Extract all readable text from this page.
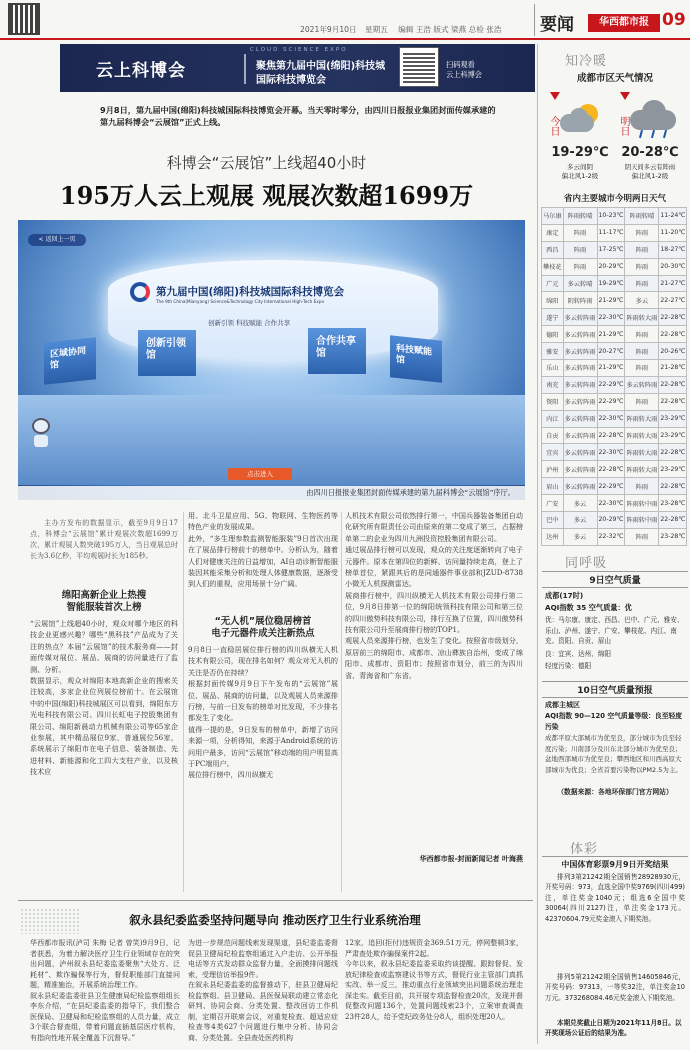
2021年9月10日 星期五 编辑 王浩 版式 梁燕 总检 张浩 要闻	华西都市报 09
云上科博会
CLOUD SCIENCE EXPO
聚焦第九届中国(绵阳)科技城
国际科技博览会
扫码观看
云上科博会
9月8日，第九届中国(绵阳)科技城国际科技博览会开幕。当天零时零分，由四川日报报业集团封面传媒承建的第九届科博会“云展馆”正式上线。
科博会“云展馆”上线超40小时
195万人云上观展 观展次数超1699万
< 返回上一页
第九届中国(绵阳)科技城国际科技博览会
The 9th China(Mianyang) Science&Technology City International High-Tech Expo
创新引领 科技赋能 合作共享
区域协同馆
创新引领馆
合作共享馆	科技赋能馆
点击进入
由四川日报报业集团封面传媒承建的第九届科博会“云展馆”序厅。
主办方发布的数据显示，截至9月9日17点，科博会“云展馆”累计观展次数超1699万次，累计观展人数突破195万人，当日观展总时长为3.6亿秒，平均观展时长为185秒。
绵阳高新企业上热搜
智能服装首次上榜
“云展馆”上线超40小时，观众对哪个地区的科技企业更感兴趣？哪些“黑科技”产品成为了关注的热点？本届“云展馆”的技术服务商——封面传媒对展位、展品、展商的访问量进行了监测、分析。
数据显示，观众对绵阳本地高新企业的搜索关注较高，多家企业位列展位榜前十。在云展馆中的中国(绵阳)科技城展区可以看到，绵阳东方光电科技有限公司、四川长虹电子控股集团有限公司、绵阳新晨动力机械有限公司等65家企业参展，其中精品展位9家，普通展位56家，系统展示了绵阳市在电子信息、装备制造、先进材料、新能源和化工四大支柱产业，以及核技术应
用、北斗卫星应用、5G、物联网、生物医药等特色产业的发展成果。
此外，“多生理参数监测智能服装”9日首次出现在了展品排行榜前十的榜单中。分析认为，随着人们对健康关注的日益增加，AI自动诊断智能服装因其能采集分析和处理人体健康数据，逐渐受到人们的重视，应用场景十分广阔。
“无人机”展位稳居榜首
电子元器件成关注新热点
9月8日一直稳居展位排行榜的四川纵横无人机技术有限公司，现在排名如何？观众对无人机的关注是否仍在持续？
根据封面传媒9月9日下午发布的“云展馆”展位、展品、展商的访问量，以及观展人员来源排行榜，与前一日发布的榜单对比发现，不少排名都发生了变化。
值得一提的是，9日发布的榜单中，新增了访问来源一项，分析得知，来源于Android系统的访问用户最多，访问“云展馆”移动端的用户明显高于PC端用户。
展位排行榜中，四川纵横无
人机技术有限公司依然排行第一，中国兵器装备集团自动化研究所有限责任公司由原来的第二变成了第三，占据榜单第二的企业为四川九洲投资控股集团有限公司。
通过展品排行榜可以发现，观众的关注度逐渐转向了电子元器件。原本在第四位的新鲜、访问量持续走高，登上了榜单首位，紧跟其后的是同通器件事业部和JZUD-8738小微无人机探测雷达。
展商排行榜中，四川纵横无人机技术有限公司排行第二位，9月8日排第一位的绵阳统领科技有限公司和第三位的四川傲势科技有限公司，排行互换了位置，四川傲势科技有限公司升至展商排行榜的TOP1。
观展人员来源排行榜，也发生了变化。按照省市级划分，原居前三的绵阳市、成都市、凉山彝族自治州，变成了绵阳市、成都市、资阳市；按照省市划分，前三的为四川省、青海省和广东省。
华西都市报-封面新闻记者 叶海燕
叙永县纪委监委坚持问题导向 推动医疗卫生行业系统治理
华西都市报讯(泸司 朱梅 记者 曾笑)9月9日，记者获悉，为着力解决医疗卫生行业领域存在的突出问题，泸州叙永县纪委监委聚焦“大处方、泛耗材”、欺诈骗保等行为，督促职能部门直接问题，精准施治，开展系统治理工作。
叙永县纪委监委驻县卫生健康局纪检监察组组长李东介绍，“在县纪委监委的指导下，我们整合医保局、卫健局和纪检监察组的人员力量，成立3个联合督查组，带着问题直插基层医疗机构，有指向性地开展全覆盖下沉督导。”
为进一步规范问题线索发现渠道，县纪委监委督促县卫健局纪检监察组通过入户走访、公开举报电话等方式发动群众监督力量，全面摸排问题线索，受理信访举报9件。
在叙永县纪委监委的监督推动下，驻县卫健局纪检监察组、县卫健局、县医保局联动建立常态化研判、协同会商、分类处置、整改回访工作机制，定期召开联席会议，对重复检查、超适应症检查等4类627个问题进行集中分析、协同会商、分类处置。全县查处医药机构
12家，追回(拒付)违规资金369.51万元，停网整顿3家，严肃查处欺诈骗保案件2起。
今年以来，叙永县纪委监委采取约谈提醒、跟踪督促、发放纪律检查或监察建议书等方式，督促行业主管部门真抓实改、举一反三，推动重点行业领域突出问题系统治理走深走实。截至目前，共开展专项监督检查20次，发现并督促整改问题136个，处置问题线索23个，立案审查调查23件28人，给予党纪政务处分8人，组织处理20人。
知冷暖
成都市区天气情况
今日
19-29℃
多云间阴
偏北风1-2级
明日
20-28℃
阴天间多云有阵雨
偏北风1-2级
省内主要城市今明两日天气
马尔康	阵雨转晴	10-23℃	阵雨转晴	11-24℃
康定	阵雨	11-17℃	阵雨	11-20℃
西昌	阵雨	17-25℃	阵雨	18-27℃
攀枝花	阵雨	20-29℃	阵雨	20-30℃
广元	多云转晴	19-29℃	阵雨	21-27℃
绵阳	阴转阵雨	21-29℃	多云	22-27℃
遂宁	多云转阵雨	22-30℃	阵雨转大雨	22-28℃
德阳	多云转阵雨	21-29℃	阵雨	22-28℃
雅安	多云转阵雨	20-27℃	阵雨	20-26℃
乐山	多云转阵雨	21-29℃	阵雨	21-28℃
南充	多云转阵雨	22-29℃	多云转阵雨	22-28℃
资阳	多云转阵雨	22-29℃	阵雨	22-28℃
内江	多云转阵雨	22-30℃	阵雨转大雨	23-29℃
自贡	多云转阵雨	22-28℃	阵雨转大雨	23-29℃
宜宾	多云转阵雨	22-30℃	阵雨转大雨	22-28℃
泸州	多云转阵雨	22-28℃	阵雨转大雨	23-29℃
眉山	多云转阵雨	22-29℃	阵雨	22-28℃
广安	多云	22-30℃	阵雨转中雨	23-28℃
巴中	多云	20-29℃	阵雨转中雨	22-28℃
达州	多云	22-32℃	阵雨	23-28℃
同呼吸
9日空气质量
成都(17时)
AQI指数 35 空气质量：优
优：马尔康、康定、西昌、巴中、广元、雅安、乐山、泸州、遂宁、广安、攀枝花、内江、南充、资阳、自贡、眉山
良：宜宾、达州、绵阳
轻度污染：德阳
10日空气质量预报
成都主城区
AQI指数 90—120 空气质量等级：良至轻度污染
成都平原大部城市为优至良，部分城市为良至轻度污染；川南部分及川东北部分城市为优至良；盆地西部城市为优至良；攀西地区和川西高原大部城市为优良；全省首要污染物以PM2.5为主。
（数据来源：各地环保部门官方网站）
体彩
中国体育彩票9月9日开奖结果
排列3第21242期全国销售28928930元，开奖号码：973，直选全国中奖9769(四川499)注，单注奖金1040元；组选6全国中奖30064(四川2127)注，单注奖金173元。42370604.79元奖金滚入下期奖池。
排列5第21242期全国销售14605846元，开奖号码：97313，一等奖32注，单注奖金10万元。373268084.46元奖金滚入下期奖池。
本期兑奖截止日期为2021年11月8日。以开奖现场公证后的结果为准。
